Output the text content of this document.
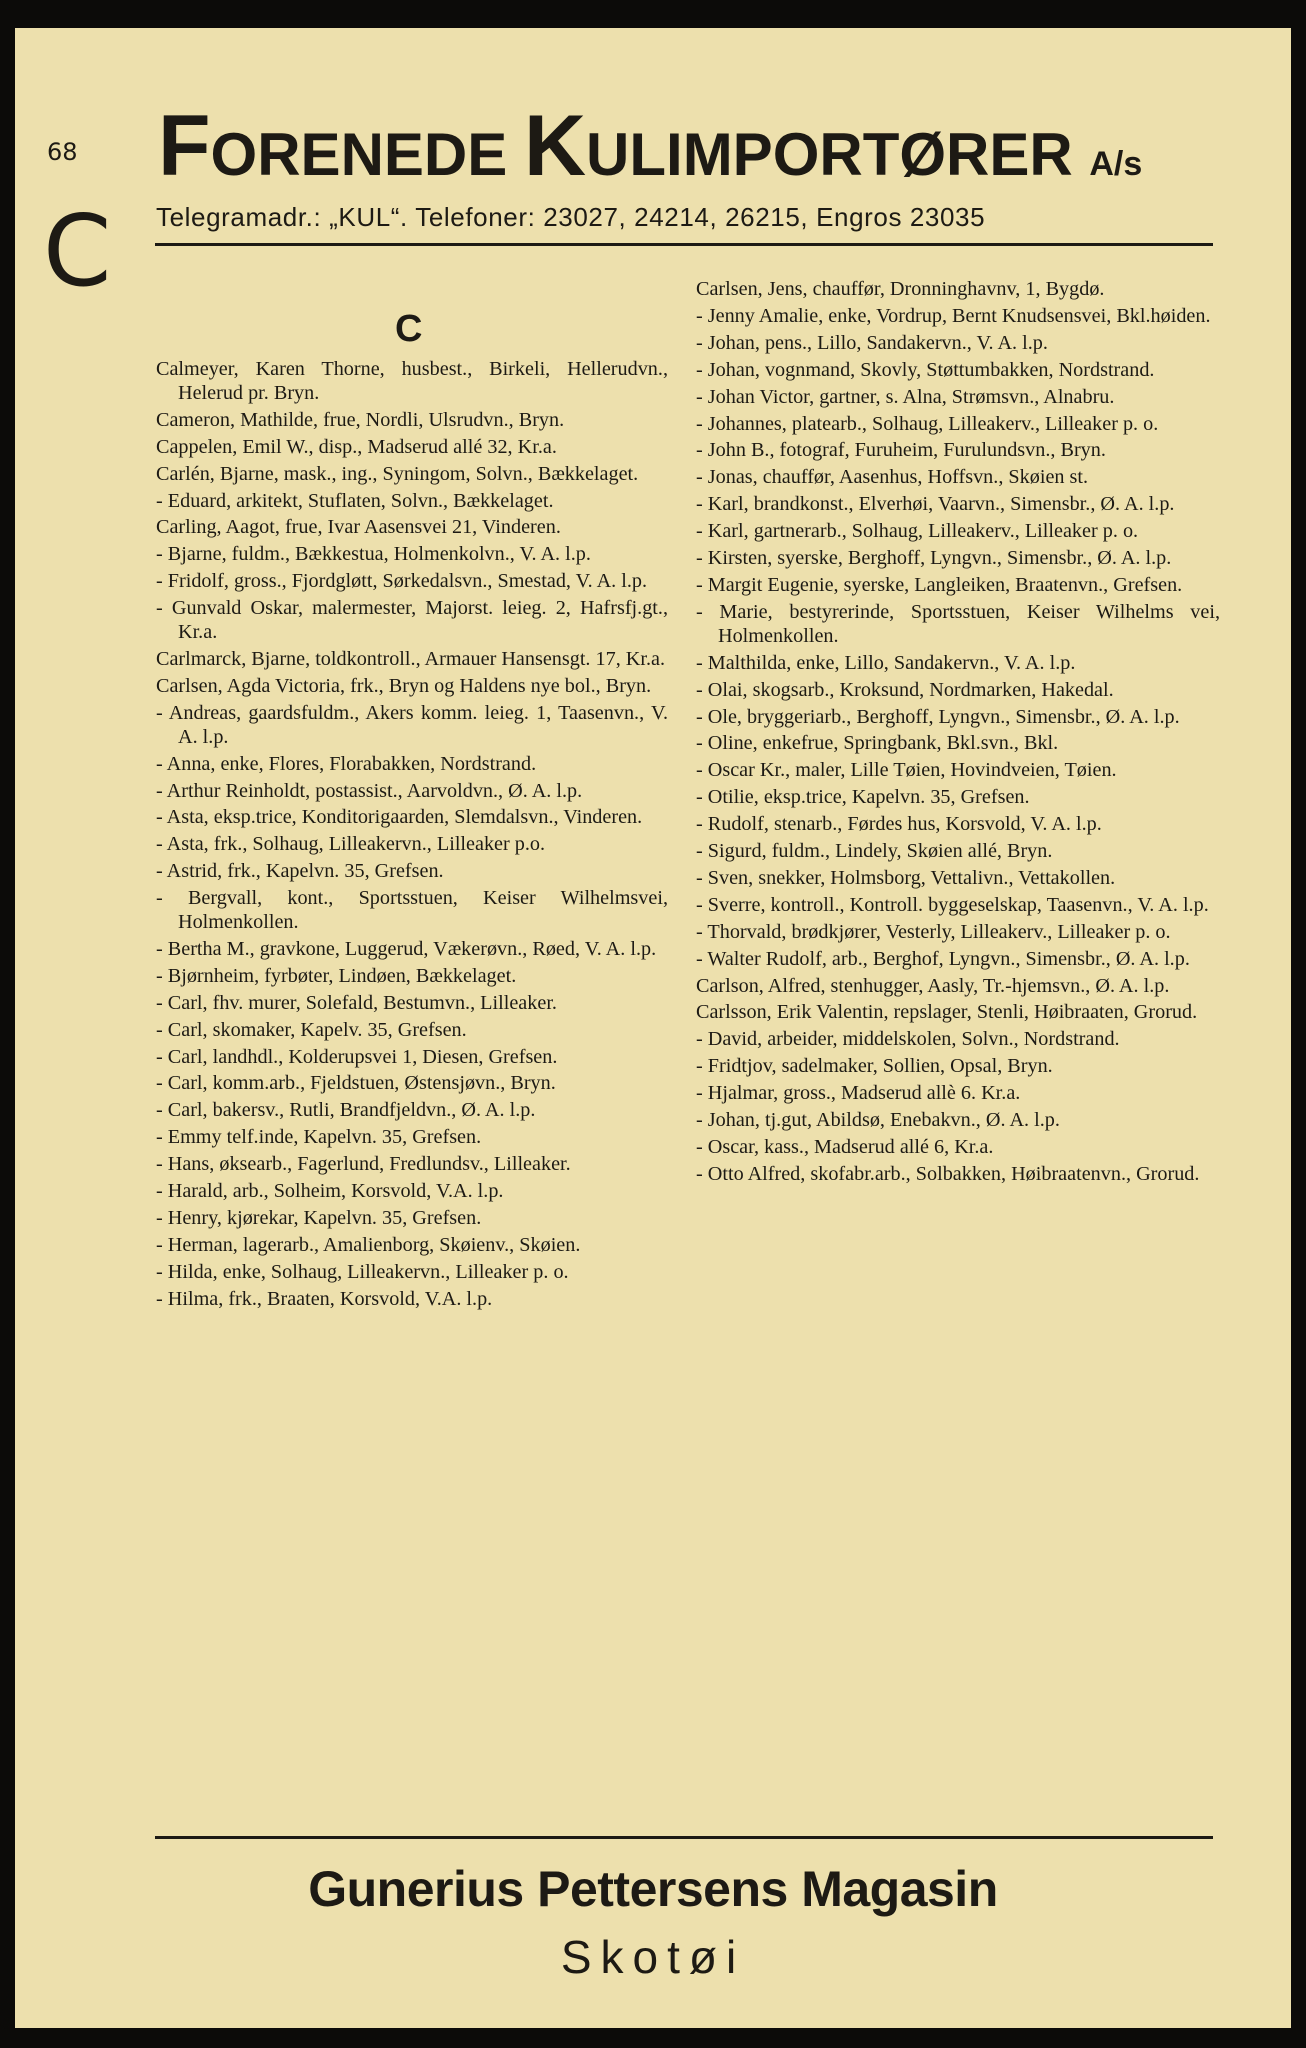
68
C
FORENEDE KULIMPORTØRER A/s
Telegramadr.: „KUL“. Telefoner: 23027, 24214, 26215, Engros 23035
C
Calmeyer, Karen Thorne, husbest., Birkeli, Hellerudvn., Helerud pr. Bryn.
Cameron, Mathilde, frue, Nordli, Ulsrudvn., Bryn.
Cappelen, Emil W., disp., Madserud allé 32, Kr.a.
Carlén, Bjarne, mask., ing., Syningom, Solvn., Bækkelaget.
- Eduard, arkitekt, Stuflaten, Solvn., Bækkelaget.
Carling, Aagot, frue, Ivar Aasensvei 21, Vinderen.
- Bjarne, fuldm., Bækkestua, Holmenkolvn., V. A. l.p.
- Fridolf, gross., Fjordgløtt, Sørkedalsvn., Smestad, V. A. l.p.
- Gunvald Oskar, malermester, Majorst. leieg. 2, Hafrsfj.gt., Kr.a.
Carlmarck, Bjarne, toldkontroll., Armauer Hansensgt. 17, Kr.a.
Carlsen, Agda Victoria, frk., Bryn og Haldens nye bol., Bryn.
- Andreas, gaardsfuldm., Akers komm. leieg. 1, Taasenvn., V. A. l.p.
- Anna, enke, Flores, Florabakken, Nordstrand.
- Arthur Reinholdt, postassist., Aarvoldvn., Ø. A. l.p.
- Asta, eksp.trice, Konditorigaarden, Slemdalsvn., Vinderen.
- Asta, frk., Solhaug, Lilleakervn., Lilleaker p.o.
- Astrid, frk., Kapelvn. 35, Grefsen.
- Bergvall, kont., Sportsstuen, Keiser Wilhelmsvei, Holmenkollen.
- Bertha M., gravkone, Luggerud, Vækerøvn., Røed, V. A. l.p.
- Bjørnheim, fyrbøter, Lindøen, Bækkelaget.
- Carl, fhv. murer, Solefald, Bestumvn., Lilleaker.
- Carl, skomaker, Kapelv. 35, Grefsen.
- Carl, landhdl., Kolderupsvei 1, Diesen, Grefsen.
- Carl, komm.arb., Fjeldstuen, Østensjøvn., Bryn.
- Carl, bakersv., Rutli, Brandfjeldvn., Ø. A. l.p.
- Emmy telf.inde, Kapelvn. 35, Grefsen.
- Hans, øksearb., Fagerlund, Fredlundsv., Lilleaker.
- Harald, arb., Solheim, Korsvold, V.A. l.p.
- Henry, kjørekar, Kapelvn. 35, Grefsen.
- Herman, lagerarb., Amalienborg, Skøienv., Skøien.
- Hilda, enke, Solhaug, Lilleakervn., Lilleaker p. o.
- Hilma, frk., Braaten, Korsvold, V.A. l.p.
Carlsen, Jens, chauffør, Dronninghavnv, 1, Bygdø.
- Jenny Amalie, enke, Vordrup, Bernt Knudsensvei, Bkl.høiden.
- Johan, pens., Lillo, Sandakervn., V. A. l.p.
- Johan, vognmand, Skovly, Støttumbakken, Nordstrand.
- Johan Victor, gartner, s. Alna, Strømsvn., Alnabru.
- Johannes, platearb., Solhaug, Lilleakerv., Lilleaker p. o.
- John B., fotograf, Furuheim, Furulundsvn., Bryn.
- Jonas, chauffør, Aasenhus, Hoffsvn., Skøien st.
- Karl, brandkonst., Elverhøi, Vaarvn., Simensbr., Ø. A. l.p.
- Karl, gartnerarb., Solhaug, Lilleakerv., Lilleaker p. o.
- Kirsten, syerske, Berghoff, Lyngvn., Simensbr., Ø. A. l.p.
- Margit Eugenie, syerske, Langleiken, Braatenvn., Grefsen.
- Marie, bestyrerinde, Sportsstuen, Keiser Wilhelms vei, Holmenkollen.
- Malthilda, enke, Lillo, Sandakervn., V. A. l.p.
- Olai, skogsarb., Kroksund, Nordmarken, Hakedal.
- Ole, bryggeriarb., Berghoff, Lyngvn., Simensbr., Ø. A. l.p.
- Oline, enkefrue, Springbank, Bkl.svn., Bkl.
- Oscar Kr., maler, Lille Tøien, Hovindveien, Tøien.
- Otilie, eksp.trice, Kapelvn. 35, Grefsen.
- Rudolf, stenarb., Førdes hus, Korsvold, V. A. l.p.
- Sigurd, fuldm., Lindely, Skøien allé, Bryn.
- Sven, snekker, Holmsborg, Vettalivn., Vettakollen.
- Sverre, kontroll., Kontroll. byggeselskap, Taasenvn., V. A. l.p.
- Thorvald, brødkjører, Vesterly, Lilleakerv., Lilleaker p. o.
- Walter Rudolf, arb., Berghof, Lyngvn., Simensbr., Ø. A. l.p.
Carlson, Alfred, stenhugger, Aasly, Tr.-hjemsvn., Ø. A. l.p.
Carlsson, Erik Valentin, repslager, Stenli, Høibraaten, Grorud.
- David, arbeider, middelskolen, Solvn., Nordstrand.
- Fridtjov, sadelmaker, Sollien, Opsal, Bryn.
- Hjalmar, gross., Madserud allè 6. Kr.a.
- Johan, tj.gut, Abildsø, Enebakvn., Ø. A. l.p.
- Oscar, kass., Madserud allé 6, Kr.a.
- Otto Alfred, skofabr.arb., Solbakken, Høibraatenvn., Grorud.
Gunerius Pettersens Magasin
Skotøi
